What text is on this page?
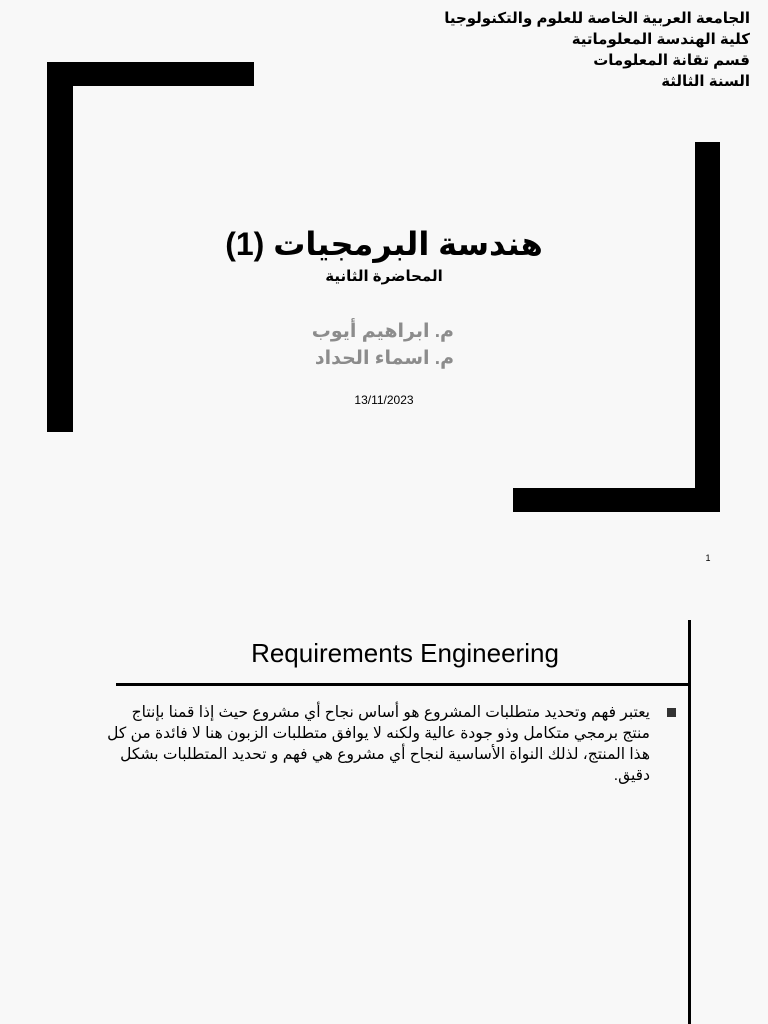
الجامعة العربية الخاصة للعلوم والتكنولوجيا
كلية الهندسة المعلوماتية
قسم تقانة المعلومات
السنة الثالثة
هندسة البرمجيات (1)
المحاضرة الثانية
م. ابراهيم أيوب
م. اسماء الحداد
13/11/2023
1
Requirements Engineering
يعتبر فهم وتحديد متطلبات المشروع هو أساس نجاح أي مشروع حيث إذا قمنا بإنتاج منتج برمجي متكامل وذو جودة عالية ولكنه لا يوافق متطلبات الزبون هنا لا فائدة من كل هذا المنتج، لذلك النواة الأساسية لنجاح أي مشروع هي فهم و تحديد المتطلبات بشكل دقيق.
